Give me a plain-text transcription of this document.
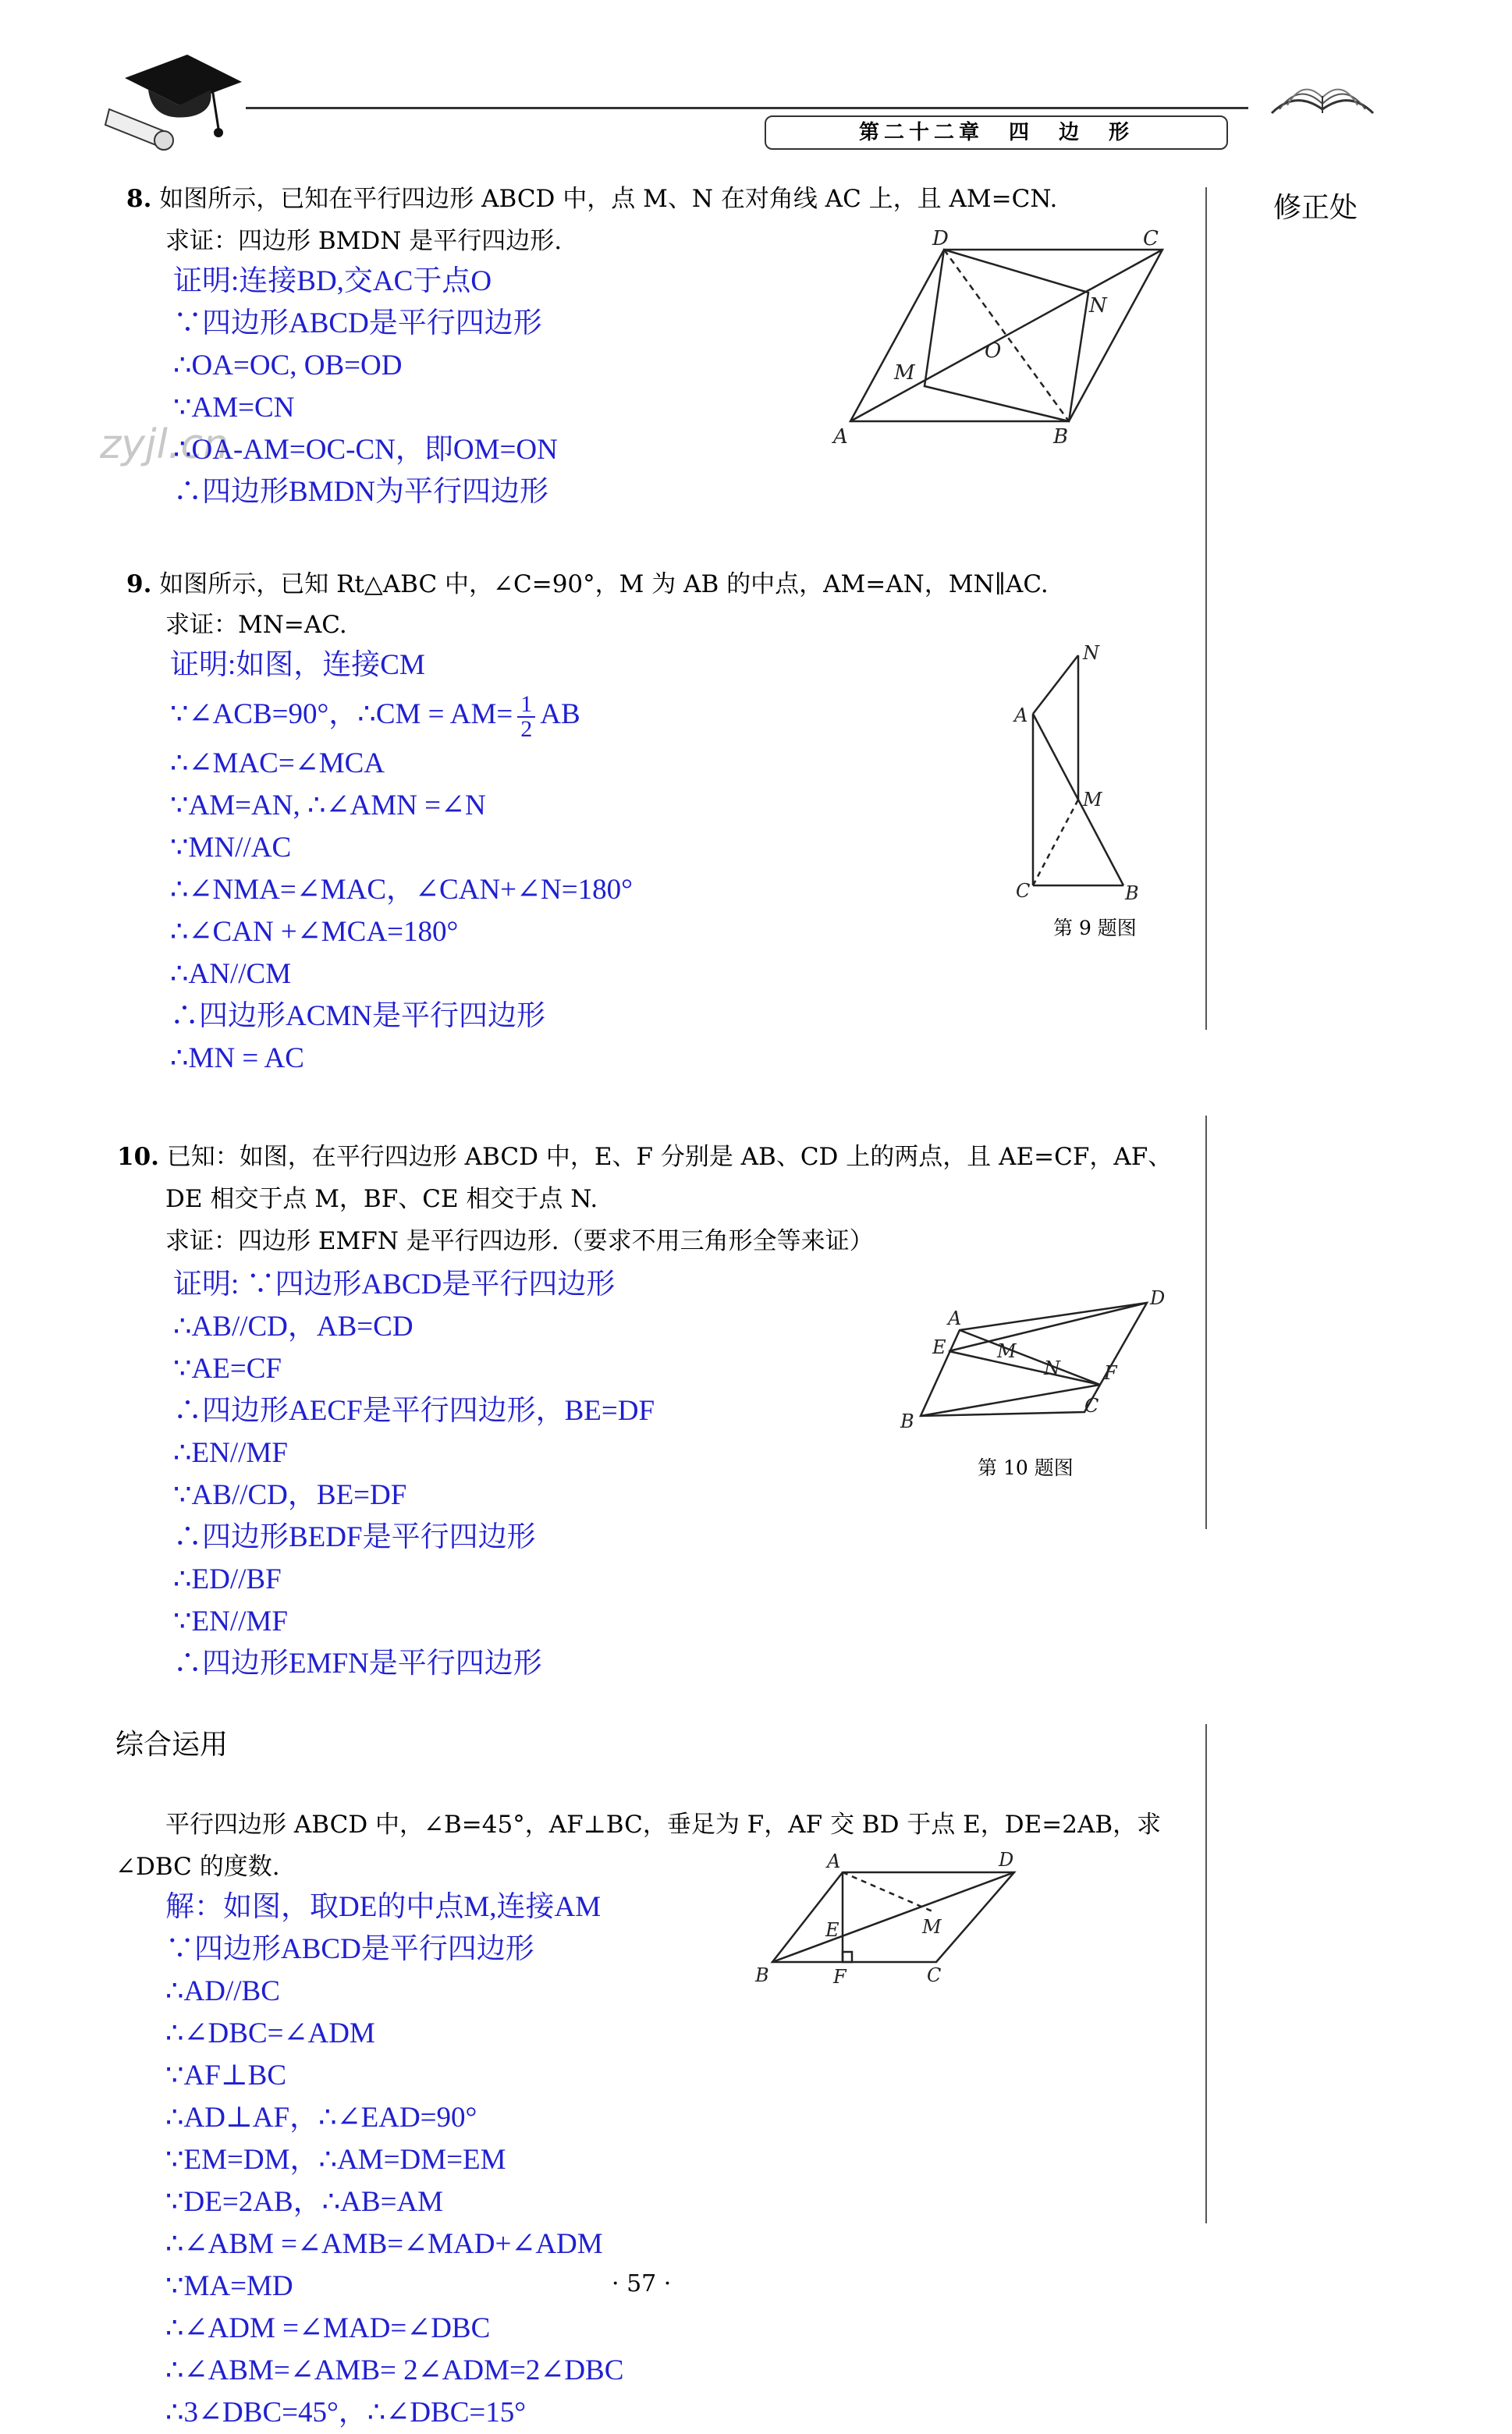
第二十二章　四　边　形
修正处
zyjl.cn
8. 如图所示，已知在平行四边形 ABCD 中，点 M、N 在对角线 AC 上，且 AM=CN.
求证：四边形 BMDN 是平行四边形.
证明:连接BD,交AC于点O
∵四边形ABCD是平行四边形
∴OA=OC, OB=OD
∵AM=CN
∴OA-AM=OC-CN，即OM=ON
∴四边形BMDN为平行四边形
A	B
C
D
M
N
O
9. 如图所示，已知 Rt△ABC 中，∠C=90°，M 为 AB 的中点，AM=AN，MN∥AC.
求证：MN=AC.
证明:如图，连接CM
∵∠ACB=90°，∴CM = $AM= \frac{1}{2}$ AB
∴∠MAC=∠MCA
∵AM=AN, ∴∠AMN =∠N
∵MN//AC
∴∠NMA=∠MAC，∠CAN+∠N=180°
∴∠CAN +∠MCA=180°
∴AN//CM
∴四边形ACMN是平行四边形
∴MN = AC
A
N
M
C	B
第 9 题图
10. 已知：如图，在平行四边形 ABCD 中，E、F 分别是 AB、CD 上的两点，且 AE=CF，AF、
DE 相交于点 M，BF、CE 相交于点 N.
求证：四边形 EMFN 是平行四边形.（要求不用三角形全等来证）
证明: ∵四边形ABCD是平行四边形
∴AB//CD，AB=CD
∵AE=CF
∴四边形AECF是平行四边形，BE=DF
∴EN//MF
∵AB//CD，BE=DF
∴四边形BEDF是平行四边形
∴ED//BF
∵EN//MF
∴四边形EMFN是平行四边形
A
D
E	M
N F
C
B
第 10 题图
综合运用
平行四边形 ABCD 中，∠B=45°，AF⊥BC，垂足为 F，AF 交 BD 于点 E，DE=2AB，求
∠DBC 的度数.
解：如图，取DE的中点M,连接AM
∵四边形ABCD是平行四边形
∴AD//BC
∴∠DBC=∠ADM
∵AF⊥BC
∴AD⊥AF，∴∠EAD=90°
∵EM=DM，∴AM=DM=EM
∵DE=2AB，∴AB=AM
∴∠ABM =∠AMB=∠MAD+∠ADM
∵MA=MD
∴∠ADM =∠MAD=∠DBC
∴∠ABM=∠AMB= 2∠ADM=2∠DBC
∴3∠DBC=45°，∴∠DBC=15°
A	D
E	M
B	F	C
· 57 ·
